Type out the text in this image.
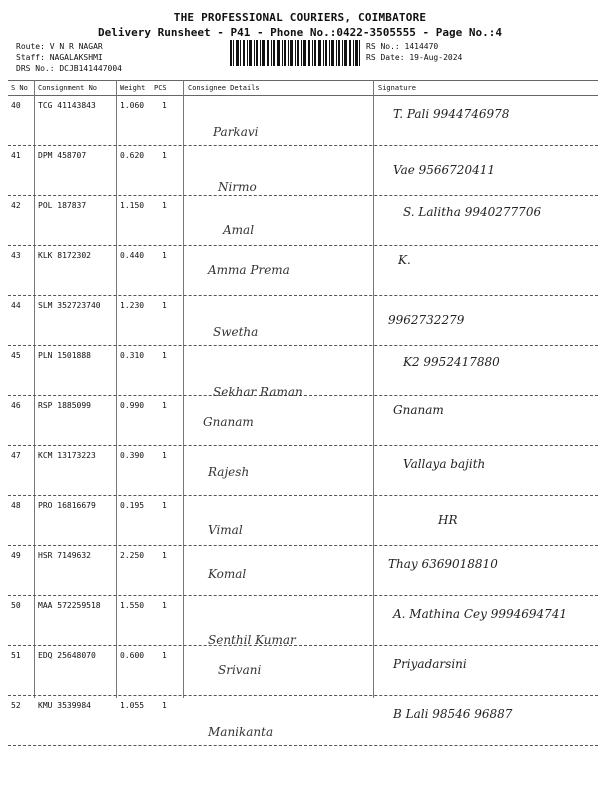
THE PROFESSIONAL COURIERS, COIMBATORE
Delivery Runsheet - P41 - Phone No.:0422-3505555 - Page No.:4
Route: V N R NAGAR
Staff: NAGALAKSHMI
DRS No.: DCJB141447004
RS No.: 1414470
RS Date: 19-Aug-2024
S No Consignment No	Weight PCS	Consignee Details	Signature
40 TCG 41143843	1.060 1
Parkavi
T. Pali 9944746978
41 DPM 458707	0.620 1
Nirmo
Vae 9566720411
42 POL 187837	1.150 1
Amal
S. Lalitha 9940277706
43 KLK 8172302	0.440 1
Amma Prema
K.
44 SLM 352723740 1.230 1
Swetha
9962732279
45 PLN 1501888	0.310 1
Sekhar Raman
K2 9952417880
46 RSP 1885099	0.990 1
Gnanam
Gnanam
47 KCM 13173223	0.390 1
Rajesh
Vallaya bajith
48 PRO 16816679	0.195 1
Vimal
HR
49 HSR 7149632	2.250 1
Komal
Thay 6369018810
50 MAA 572259518 1.550 1
Senthil Kumar
A. Mathina Cey 9994694741
51 EDQ 25648070	0.600 1
Srivani	Priyadarsini
52 KMU 3539984	1.055 1
Manikanta
B Lali 98546 96887
